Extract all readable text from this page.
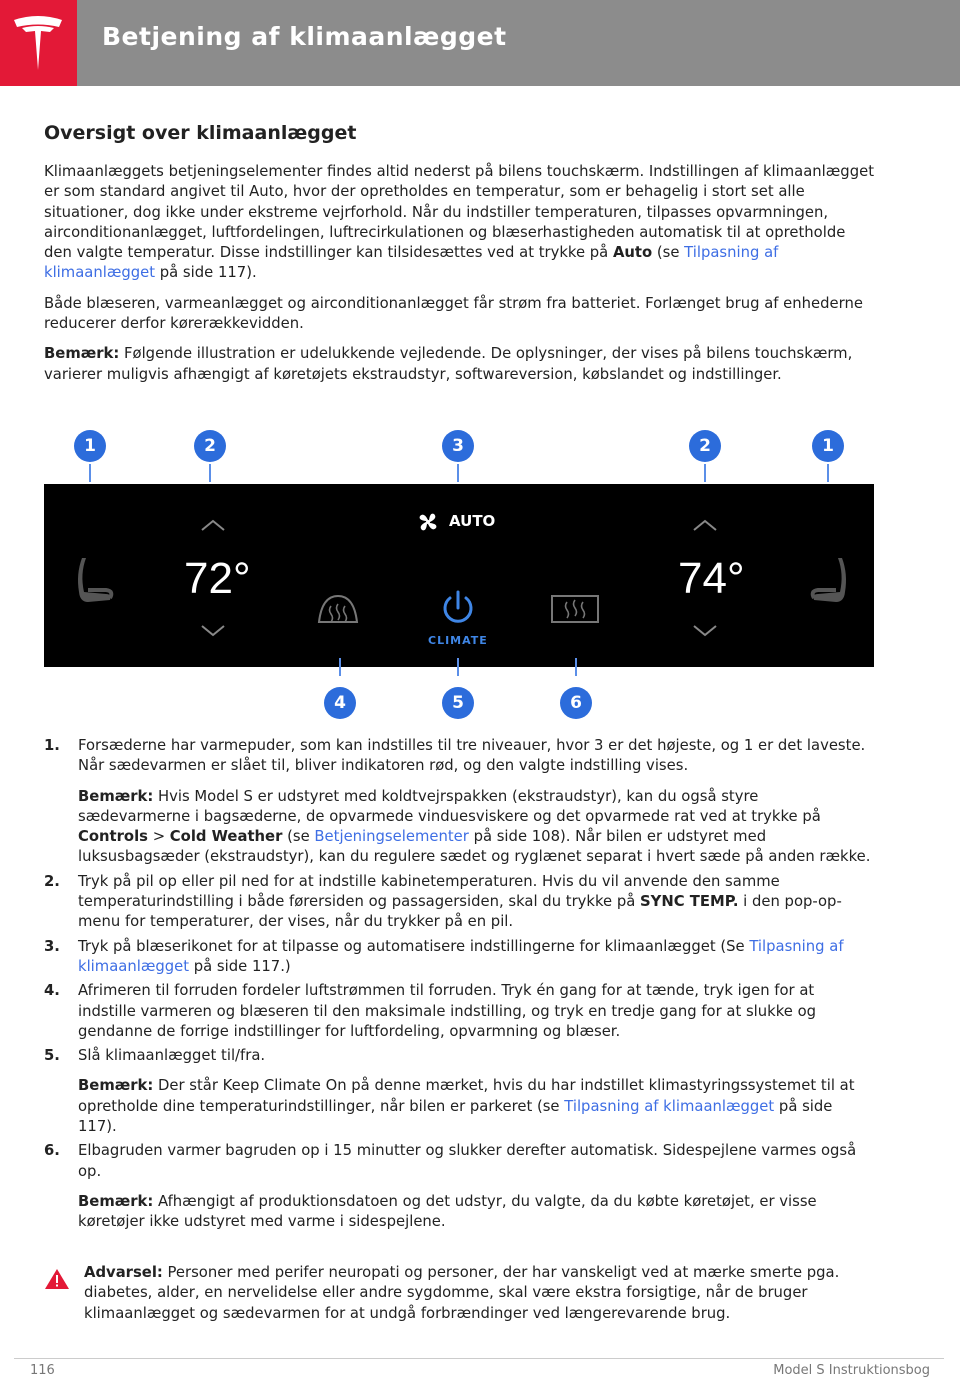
Betjening af klimaanlægget
Oversigt over klimaanlægget

Klimaanlæggets betjeningselementer findes altid nederst på bilens touchskærm. Indstillingen af klimaanlægget er som standard angivet til Auto, hvor der opretholdes en temperatur, som er behagelig i stort set alle situationer, dog ikke under ekstreme vejrforhold. Når du indstiller temperaturen, tilpasses opvarmningen, airconditionanlægget, luftfordelingen, luftrecirkulationen og blæserhastigheden automatisk til at opretholde den valgte temperatur. Disse indstillinger kan tilsidesættes ved at trykke på Auto (se Tilpasning af klimaanlægget på side 117).

Både blæseren, varmeanlægget og airconditionanlægget får strøm fra batteriet. Forlænget brug af enhederne reducerer derfor kørerækkevidden.

Bemærk: Følgende illustration er udelukkende vejledende. De oplysninger, der vises på bilens touchskærm, varierer muligvis afhængigt af køretøjets ekstraudstyr, softwareversion, købslandet og indstillinger.

1	2	3	2	1
72°
AUTO
CLIMATE
74°
4	5	6
1. Forsæderne har varmepuder, som kan indstilles til tre niveauer, hvor 3 er det højeste, og 1 er det laveste. Når sædevarmen er slået til, bliver indikatoren rød, og den valgte indstilling vises.

Bemærk: Hvis Model S er udstyret med koldtvejrspakken (ekstraudstyr), kan du også styre sædevarmerne i bagsæderne, de opvarmede vinduesviskere og det opvarmede rat ved at trykke på Controls > Cold Weather (se Betjeningselementer på side 108). Når bilen er udstyret med luksusbagsæder (ekstraudstyr), kan du regulere sædet og ryglænet separat i hvert sæde på anden række.

2. Tryk på pil op eller pil ned for at indstille kabinetemperaturen. Hvis du vil anvende den samme temperaturindstilling i både førersiden og passagersiden, skal du trykke på SYNC TEMP. i den pop-op-menu for temperaturer, der vises, når du trykker på en pil.
3. Tryk på blæserikonet for at tilpasse og automatisere indstillingerne for klimaanlægget (Se Tilpasning af klimaanlægget på side 117.)
4. Afrimeren til forruden fordeler luftstrømmen til forruden. Tryk én gang for at tænde, tryk igen for at indstille varmeren og blæseren til den maksimale indstilling, og tryk en tredje gang for at slukke og gendanne de forrige indstillinger for luftfordeling, opvarmning og blæser.
5. Slå klimaanlægget til/fra.

Bemærk: Der står Keep Climate On på denne mærket, hvis du har indstillet klimastyringssystemet til at opretholde dine temperaturindstillinger, når bilen er parkeret (se Tilpasning af klimaanlægget på side 117).

6. Elbagruden varmer bagruden op i 15 minutter og slukker derefter automatisk. Sidespejlene varmes også op.

Bemærk: Afhængigt af produktionsdatoen og det udstyr, du valgte, da du købte køretøjet, er visse køretøjer ikke udstyret med varme i sidespejlene.

Advarsel: Personer med perifer neuropati og personer, der har vanskeligt ved at mærke smerte pga. diabetes, alder, en nervelidelse eller andre sygdomme, skal være ekstra forsigtige, når de bruger klimaanlægget og sædevarmen for at undgå forbrændinger ved længerevarende brug.

116	Model S Instruktionsbog
